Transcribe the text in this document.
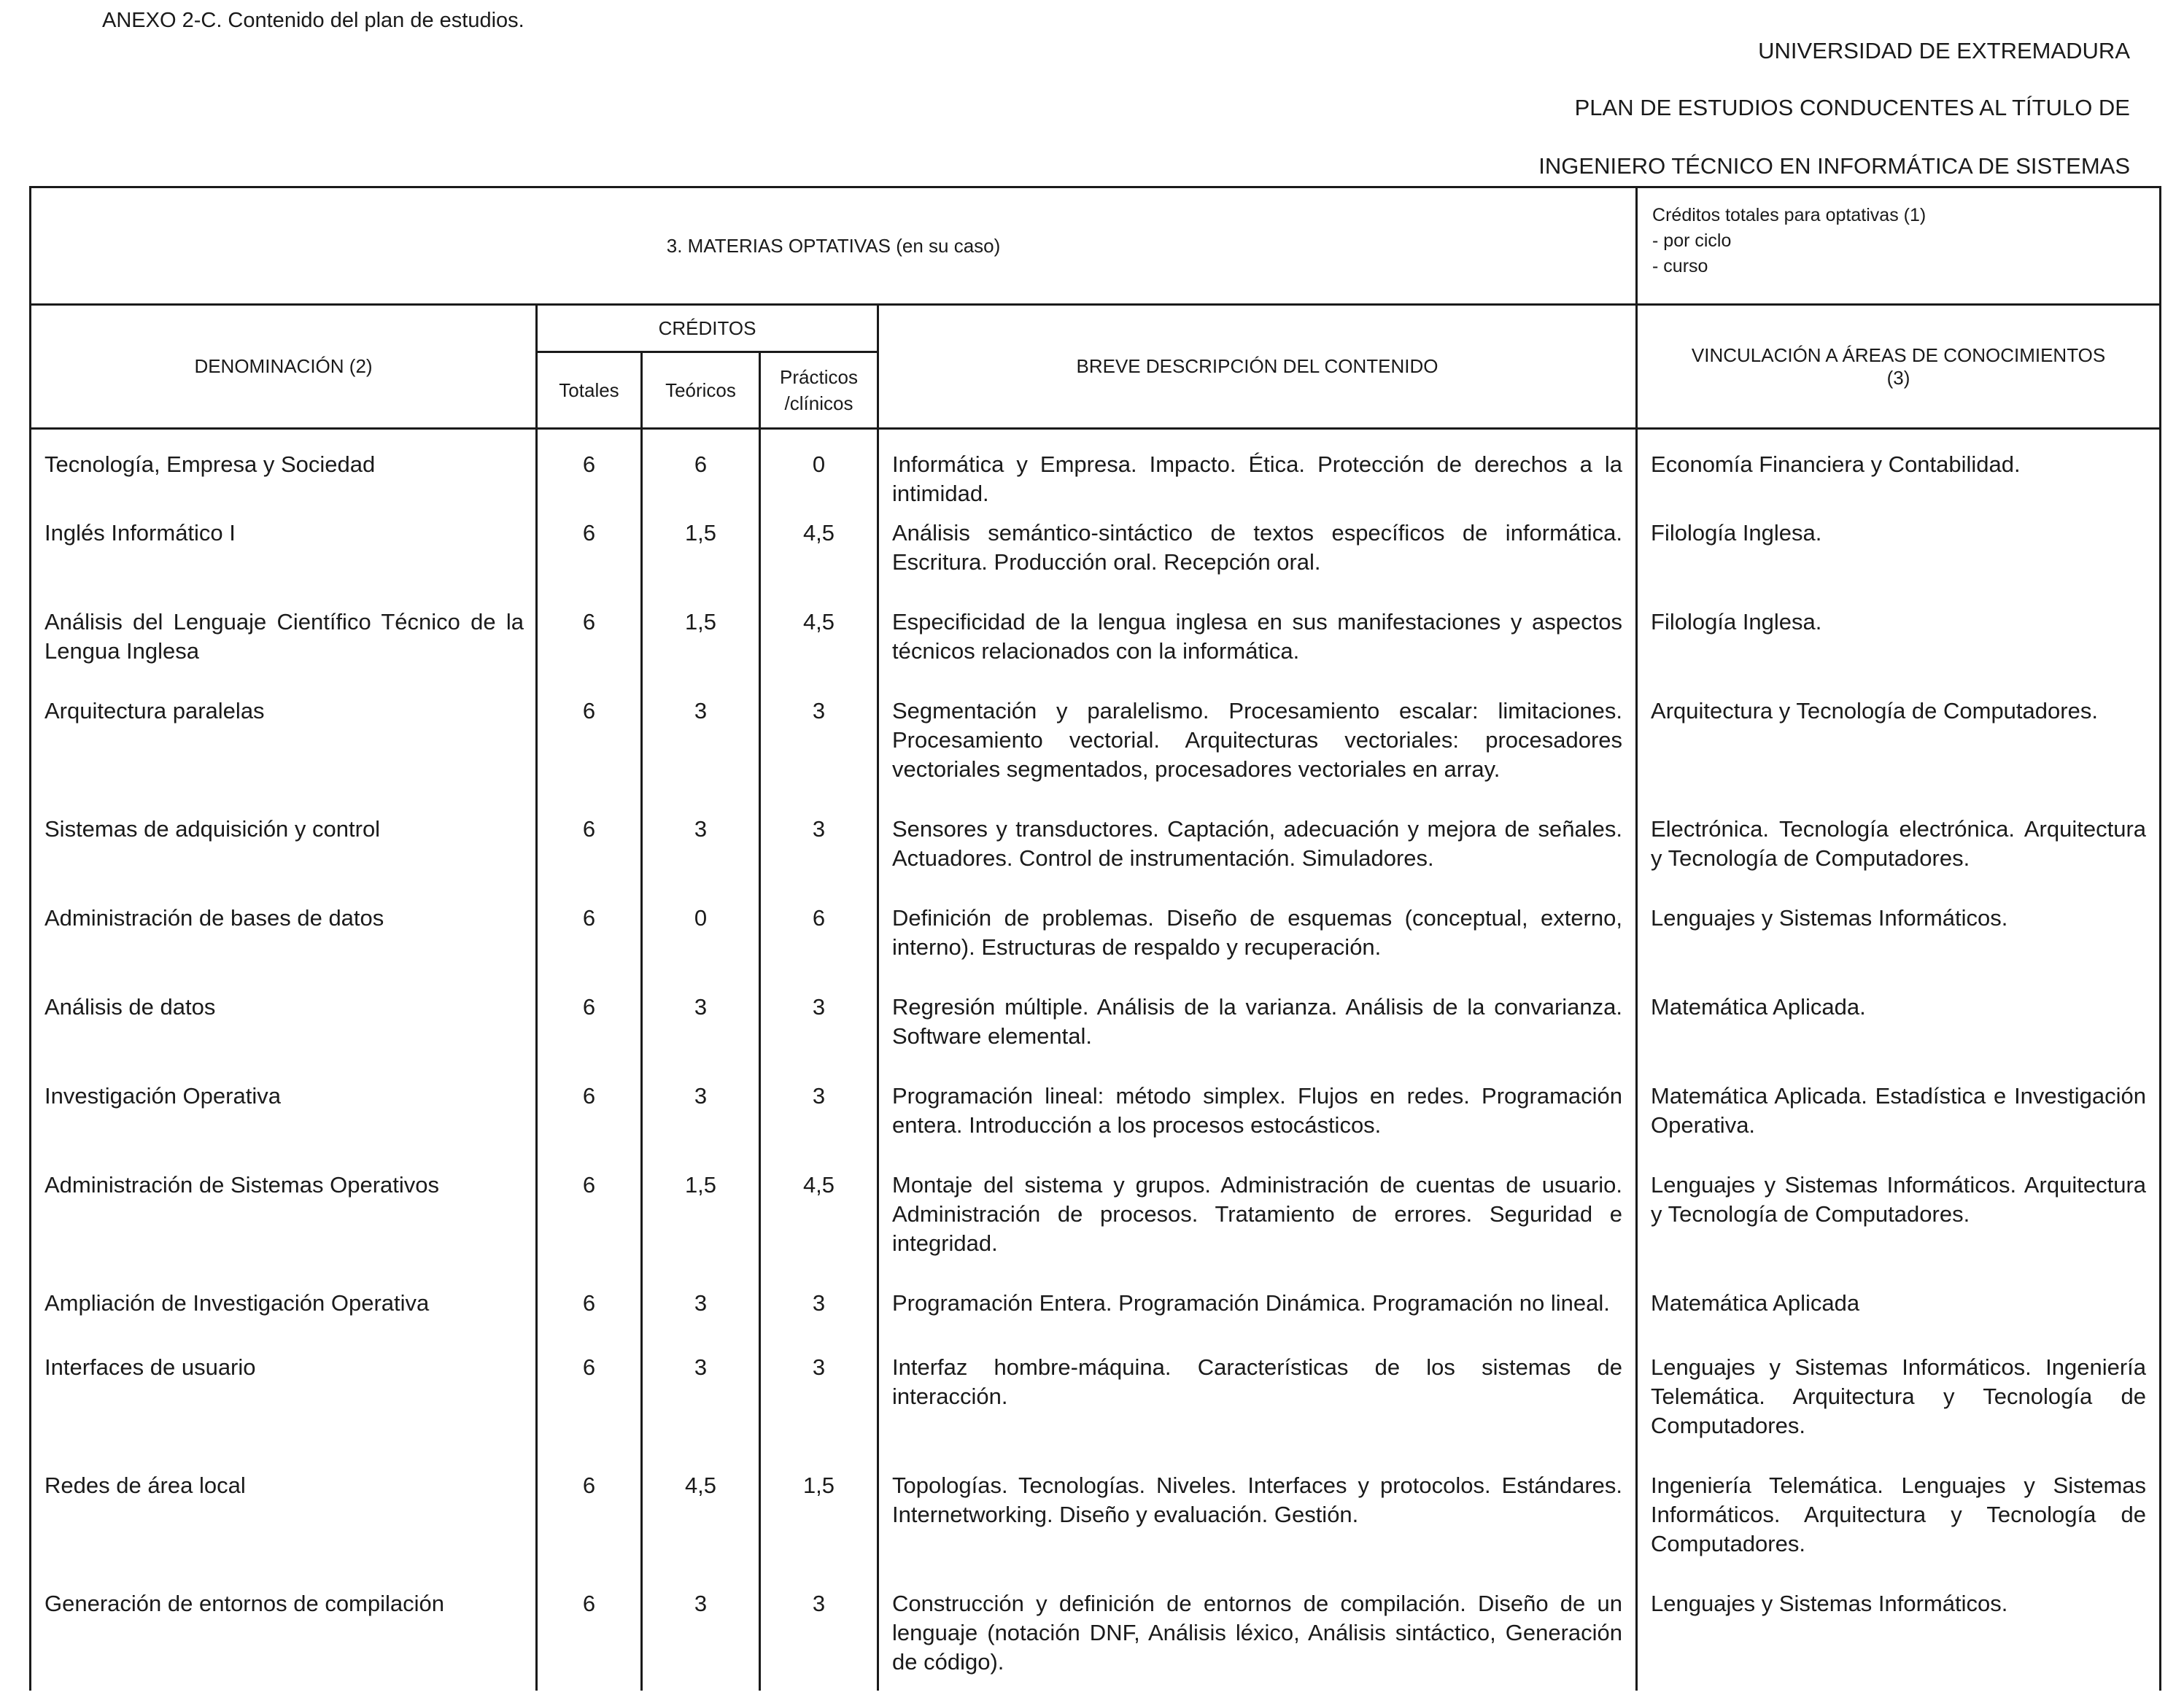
ANEXO 2-C. Contenido del plan de estudios.
UNIVERSIDAD DE EXTREMADURA
PLAN DE ESTUDIOS CONDUCENTES AL TÍTULO DE
INGENIERO TÉCNICO EN INFORMÁTICA DE SISTEMAS
3. MATERIAS OPTATIVAS (en su caso)					Créditos totales para optativas (1)
- por ciclo
- curso

DENOMINACIÓN (2)	CRÉDITOS			BREVE DESCRIPCIÓN DEL CONTENIDO	VINCULACIÓN A ÁREAS DE CONOCIMIENTOS
(3)

	Totales	Teóricos	Prácticos
/clínicos		

Tecnología, Empresa y Sociedad	6	6	0	Informática y Empresa. Impacto. Ética. Protección de derechos a la intimidad.	Economía Financiera y Contabilidad.
Inglés Informático I	6	1,5	4,5	Análisis semántico-sintáctico de textos específicos de informática. Escritura. Producción oral. Recepción oral.	Filología Inglesa.
Análisis del Lenguaje Científico Técnico de la Lengua Inglesa	6	1,5	4,5	Especificidad de la lengua inglesa en sus manifestaciones y aspectos técnicos relacionados con la informática.	Filología Inglesa.
Arquitectura paralelas	6	3	3	Segmentación y paralelismo. Procesamiento escalar: limitaciones. Procesamiento vectorial. Arquitecturas vectoriales: procesadores vectoriales segmentados, procesadores vectoriales en array.	Arquitectura y Tecnología de Computadores.
Sistemas de adquisición y control	6	3	3	Sensores y transductores. Captación, adecuación y mejora de señales. Actuadores. Control de instrumentación. Simuladores.	Electrónica. Tecnología electrónica. Arquitectura y Tecnología de Computadores.
Administración de bases de datos	6	0	6	Definición de problemas. Diseño de esquemas (conceptual, externo, interno). Estructuras de respaldo y recuperación.	Lenguajes y Sistemas Informáticos.
Análisis de datos	6	3	3	Regresión múltiple. Análisis de la varianza. Análisis de la convarianza. Software elemental.	Matemática Aplicada.
Investigación Operativa	6	3	3	Programación lineal: método simplex. Flujos en redes. Programación entera. Introducción a los procesos estocásticos.	Matemática Aplicada. Estadística e Investigación Operativa.
Administración de Sistemas Operativos	6	1,5	4,5	Montaje del sistema y grupos. Administración de cuentas de usuario. Administración de procesos. Tratamiento de errores. Seguridad e integridad.	Lenguajes y Sistemas Informáticos. Arquitectura y Tecnología de Computadores.
Ampliación de Investigación Operativa	6	3	3	Programación Entera. Programación Dinámica. Programación no lineal.	Matemática Aplicada
Interfaces de usuario	6	3	3	Interfaz hombre-máquina. Características de los sistemas de interacción.	Lenguajes y Sistemas Informáticos. Ingeniería Telemática. Arquitectura y Tecnología de Computadores.
Redes de área local	6	4,5	1,5	Topologías. Tecnologías. Niveles. Interfaces y protocolos. Estándares. Internetworking. Diseño y evaluación. Gestión.	Ingeniería Telemática. Lenguajes y Sistemas Informáticos. Arquitectura y Tecnología de Computadores.
Generación de entornos de compilación	6	3	3	Construcción y definición de entornos de compilación. Diseño de un lenguaje (notación DNF, Análisis léxico, Análisis sintáctico, Generación de código).	Lenguajes y Sistemas Informáticos.
